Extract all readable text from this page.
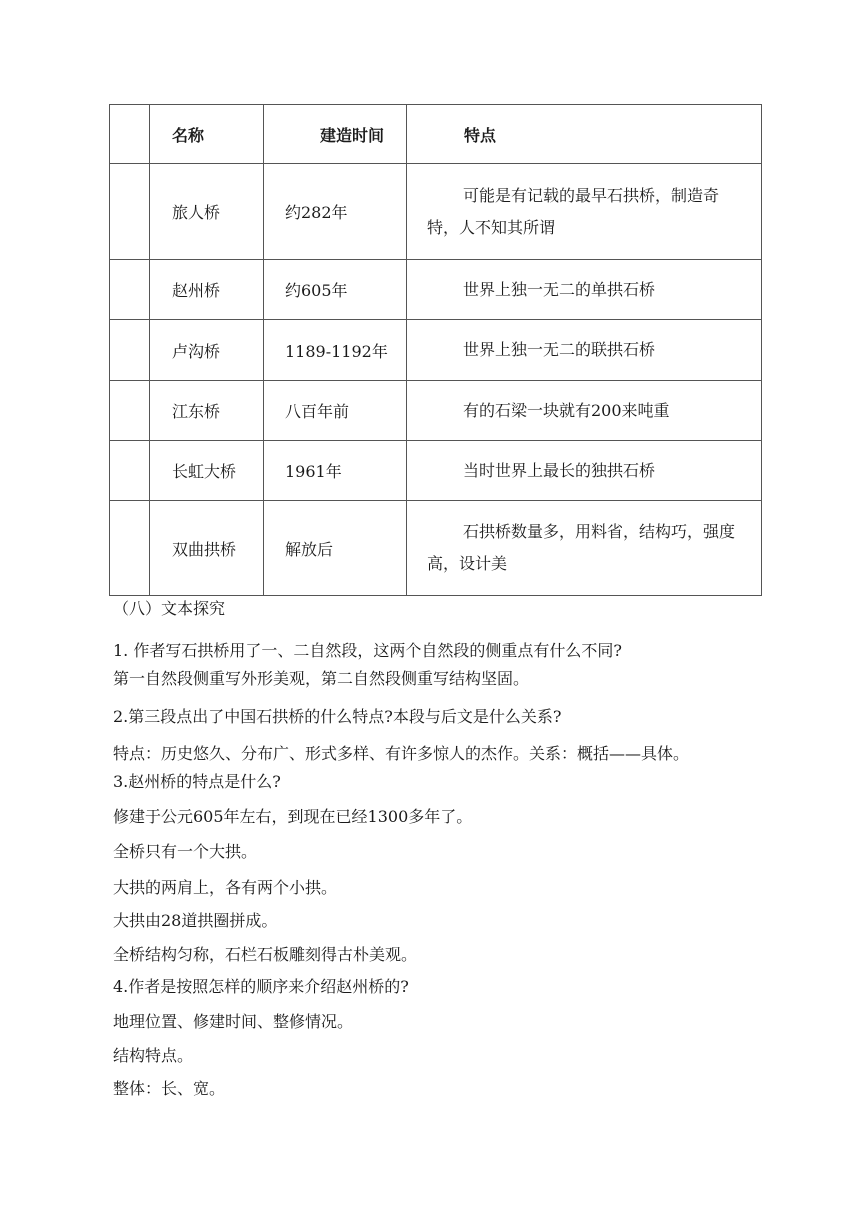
	名称	建造时间	特点
	旅人桥	约282年	可能是有记载的最早石拱桥，制造奇特，人不知其所谓
	赵州桥	约605年	世界上独一无二的单拱石桥
	卢沟桥	1189-1192年	世界上独一无二的联拱石桥
	江东桥	八百年前	有的石梁一块就有200来吨重
	长虹大桥	1961年	当时世界上最长的独拱石桥
	双曲拱桥	解放后	石拱桥数量多，用料省，结构巧，强度高，设计美
（八）文本探究
1. 作者写石拱桥用了一、二自然段，这两个自然段的侧重点有什么不同?
第一自然段侧重写外形美观，第二自然段侧重写结构坚固。
2.第三段点出了中国石拱桥的什么特点?本段与后文是什么关系?
特点：历史悠久、分布广、形式多样、有许多惊人的杰作。关系：概括——具体。
3.赵州桥的特点是什么?
修建于公元605年左右，到现在已经1300多年了。
全桥只有一个大拱。
大拱的两肩上，各有两个小拱。
大拱由28道拱圈拼成。
全桥结构匀称，石栏石板雕刻得古朴美观。
4.作者是按照怎样的顺序来介绍赵州桥的?
地理位置、修建时间、整修情况。
结构特点。
整体：长、宽。
